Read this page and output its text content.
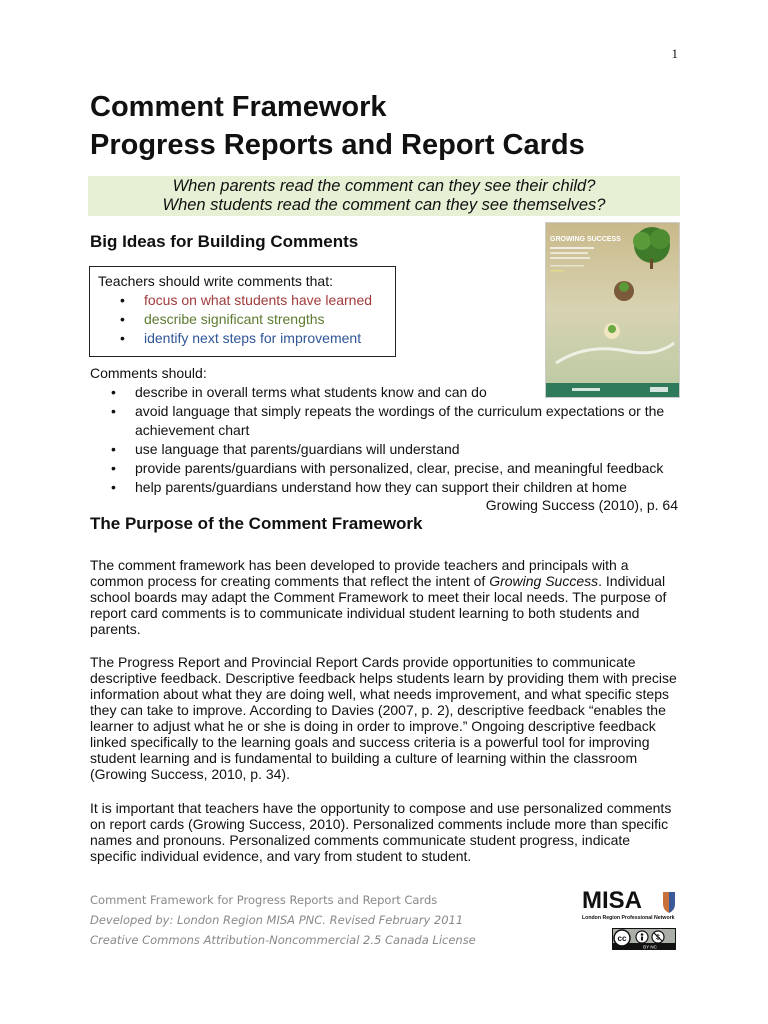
1
Comment Framework
Progress Reports and Report Cards
When parents read the comment can they see their child?
When students read the comment can they see themselves?
Big Ideas for Building Comments
Teachers should write comments that:
• focus on what students have learned
• describe significant strengths
• identify next steps for improvement
GROWING SUCCESS
Comments should:
• describe in overall terms what students know and can do
• avoid language that simply repeats the wordings of the curriculum expectations or the achievement chart
• use language that parents/guardians will understand
• provide parents/guardians with personalized, clear, precise, and meaningful feedback
• help parents/guardians understand how they can support their children at home
Growing Success (2010), p. 64
The Purpose of the Comment Framework

The comment framework has been developed to provide teachers and principals with a common process for creating comments that reflect the intent of Growing Success. Individual school boards may adapt the Comment Framework to meet their local needs. The purpose of report card comments is to communicate individual student learning to both students and parents.

The Progress Report and Provincial Report Cards provide opportunities to communicate descriptive feedback. Descriptive feedback helps students learn by providing them with precise information about what they are doing well, what needs improvement, and what specific steps they can take to improve. According to Davies (2007, p. 2), descriptive feedback “enables the learner to adjust what he or she is doing in order to improve.” Ongoing descriptive feedback linked specifically to the learning goals and success criteria is a powerful tool for improving student learning and is fundamental to building a culture of learning within the classroom (Growing Success, 2010, p. 34).

It is important that teachers have the opportunity to compose and use personalized comments on report cards (Growing Success, 2010). Personalized comments include more than specific names and pronouns. Personalized comments communicate student progress, indicate specific individual evidence, and vary from student to student.

Comment Framework for Progress Reports and Report Cards
Developed by: London Region MISA PNC. Revised February 2011
Creative Commons Attribution-Noncommercial 2.5 Canada License
MISA
London Region Professional Network
cc	$
BY NC
